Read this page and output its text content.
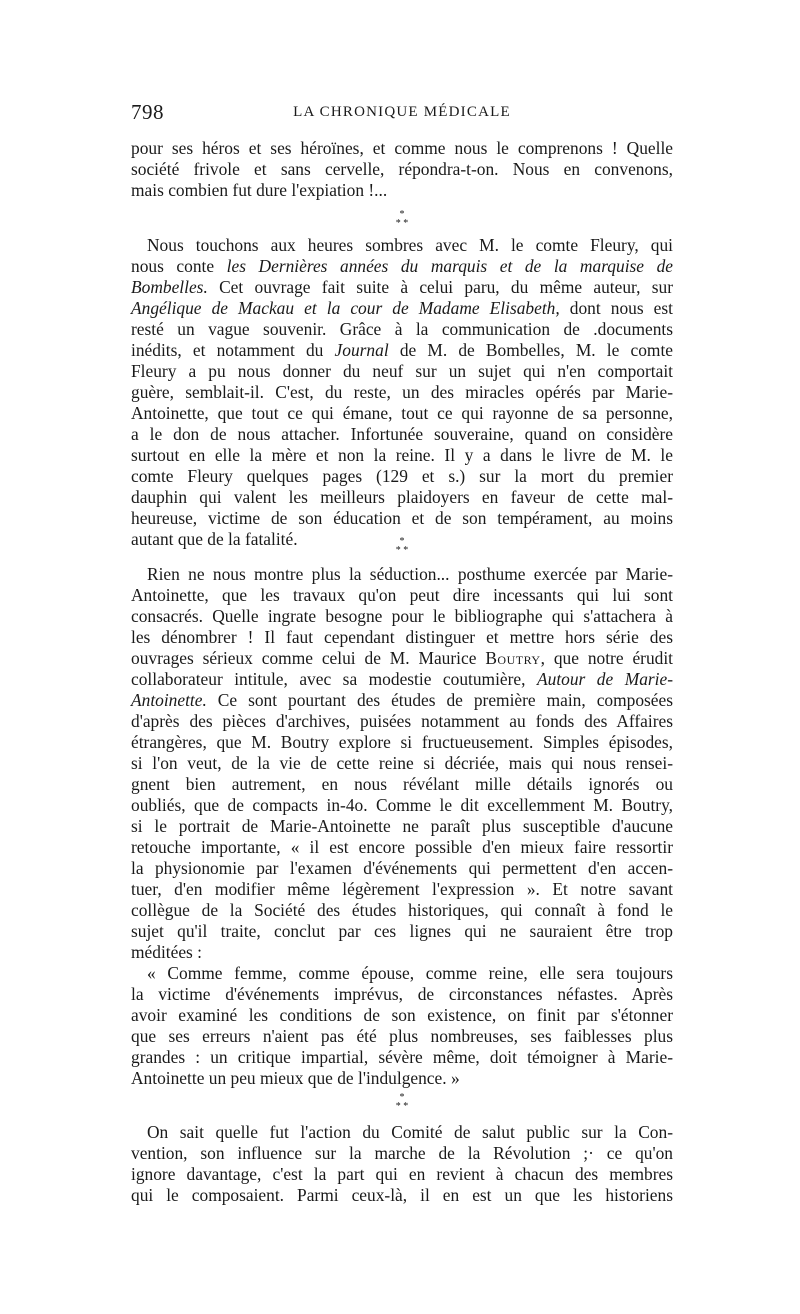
798	LA CHRONIQUE MÉDICALE
pour ses héros et ses héroïnes, et comme nous le comprenons ! Quelle
société frivole et sans cervelle, répondra-t-on. Nous en convenons,
mais combien fut dure l'expiation !...
*
* *
Nous touchons aux heures sombres avec M. le comte Fleury, qui
nous conte les Dernières années du marquis et de la marquise de
Bombelles. Cet ouvrage fait suite à celui paru, du même auteur, sur
Angélique de Mackau et la cour de Madame Elisabeth, dont nous est
resté un vague souvenir. Grâce à la communication de .documents
inédits, et notamment du Journal de M. de Bombelles, M. le comte
Fleury a pu nous donner du neuf sur un sujet qui n'en comportait
guère, semblait-il. C'est, du reste, un des miracles opérés par Marie-
Antoinette, que tout ce qui émane, tout ce qui rayonne de sa personne,
a le don de nous attacher. Infortunée souveraine, quand on considère
surtout en elle la mère et non la reine. Il y a dans le livre de M. le
comte Fleury quelques pages (129 et s.) sur la mort du premier
dauphin qui valent les meilleurs plaidoyers en faveur de cette mal-
heureuse, victime de son éducation et de son tempérament, au moins
autant que de la fatalité.	*
* *
Rien ne nous montre plus la séduction... posthume exercée par Marie-
Antoinette, que les travaux qu'on peut dire incessants qui lui sont
consacrés. Quelle ingrate besogne pour le bibliographe qui s'attachera à
les dénombrer ! Il faut cependant distinguer et mettre hors série des
ouvrages sérieux comme celui de M. Maurice Boutry, que notre érudit
collaborateur intitule, avec sa modestie coutumière, Autour de Marie-
Antoinette. Ce sont pourtant des études de première main, composées
d'après des pièces d'archives, puisées notamment au fonds des Affaires
étrangères, que M. Boutry explore si fructueusement. Simples épisodes,
si l'on veut, de la vie de cette reine si décriée, mais qui nous rensei-
gnent bien autrement, en nous révélant mille détails ignorés ou
oubliés, que de compacts in-4o. Comme le dit excellemment M. Boutry,
si le portrait de Marie-Antoinette ne paraît plus susceptible d'aucune
retouche importante, « il est encore possible d'en mieux faire ressortir
la physionomie par l'examen d'événements qui permettent d'en accen-
tuer, d'en modifier même légèrement l'expression ». Et notre savant
collègue de la Société des études historiques, qui connaît à fond le
sujet qu'il traite, conclut par ces lignes qui ne sauraient être trop
méditées :
« Comme femme, comme épouse, comme reine, elle sera toujours
la victime d'événements imprévus, de circonstances néfastes. Après
avoir examiné les conditions de son existence, on finit par s'étonner
que ses erreurs n'aient pas été plus nombreuses, ses faiblesses plus
grandes : un critique impartial, sévère même, doit témoigner à Marie-
Antoinette un peu mieux que de l'indulgence. »
*
* *
On sait quelle fut l'action du Comité de salut public sur la Con-
vention, son influence sur la marche de la Révolution ;· ce qu'on
ignore davantage, c'est la part qui en revient à chacun des membres
qui le composaient. Parmi ceux-là, il en est un que les historiens
